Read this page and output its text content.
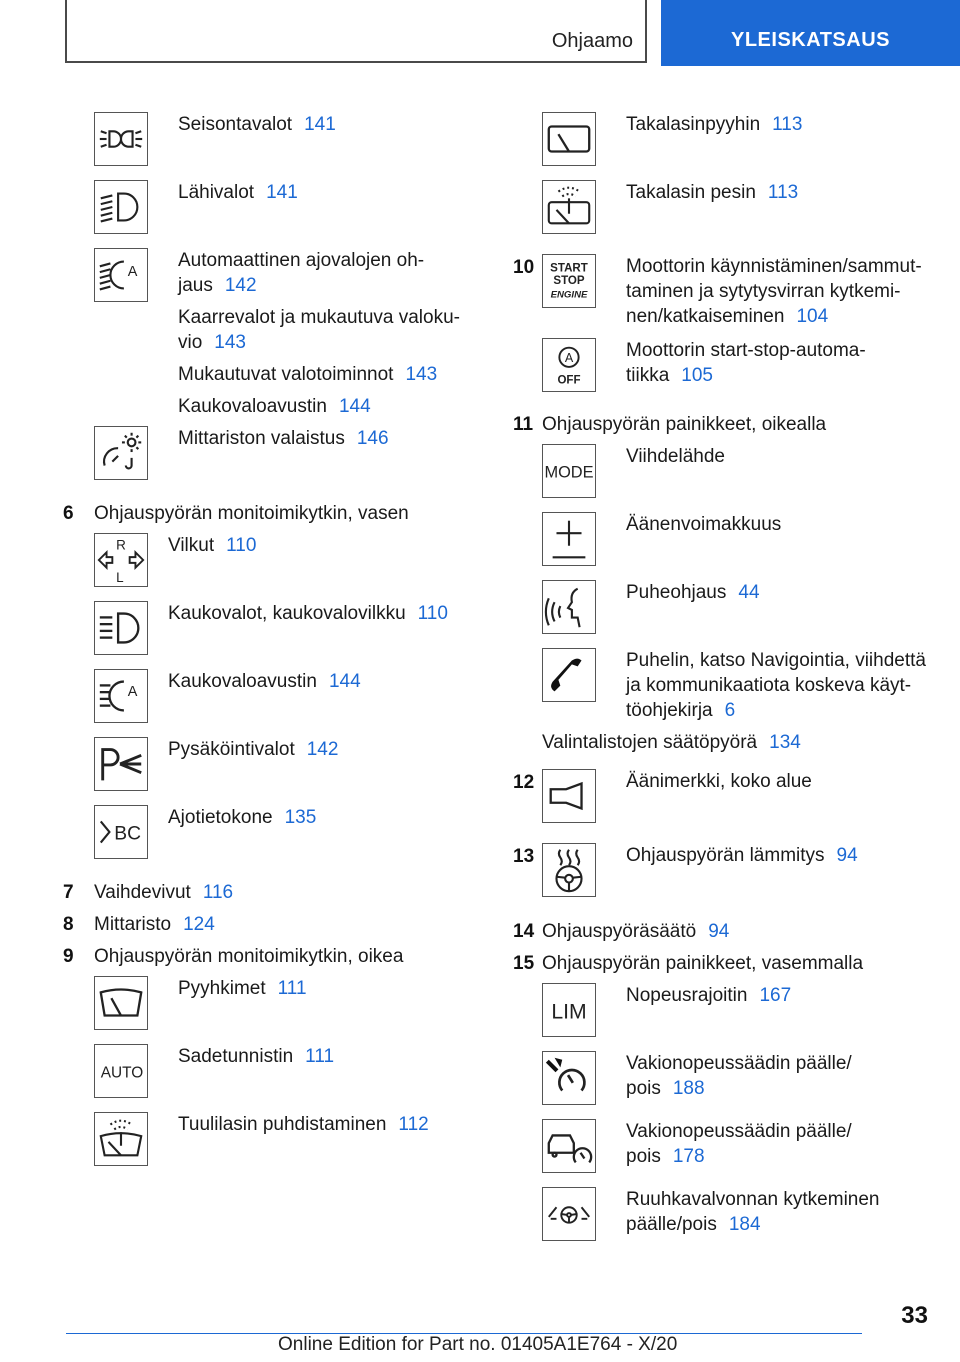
Ohjaamo	YLEISKATSAUS
Seisontavalot 141
Lähivalot 141
A
Automaattinen ajovalojen oh-
jaus 142
Kaarrevalot ja mukautuva valoku-
vio 143
Mukautuvat valotoiminnot 143
Kaukovaloavustin 144
Mittariston valaistus 146
6 Ohjauspyörän monitoimikytkin, vasen
R
L
Vilkut 110
Kaukovalot, kaukovalovilkku 110
A Kaukovaloavustin 144
Pysäköintivalot 142
BC
Ajotietokone 135
7 Vaihdevivut 116
8 Mittaristo 124
9 Ohjauspyörän monitoimikytkin, oikea
Pyyhkimet 111
AUTO
Sadetunnistin 111
Tuulilasin puhdistaminen 112
Takalasinpyyhin 113
Takalasin pesin 113
10 START
STOP
ENGINE
Moottorin käynnistäminen/sammut-
taminen ja sytytysvirran kytkemi-
nen/katkaiseminen 104
A
OFF
Moottorin start-stop-automa-
tiikka 105
11 Ohjauspyörän painikkeet, oikealla
MODE
Viihdelähde
Äänenvoimakkuus
Puheohjaus 44
Puhelin, katso Navigointia, viihdettä
ja kommunikaatiota koskeva käyt-
töohjekirja 6
Valintalistojen säätöpyörä 134
12	Äänimerkki, koko alue
13	Ohjauspyörän lämmitys 94
14 Ohjauspyöräsäätö 94
15 Ohjauspyörän painikkeet, vasemmalla
LIM
Nopeusrajoitin 167
Vakionopeussäädin päälle/
pois 188
Vakionopeussäädin päälle/
pois 178
Ruuhkavalvonnan kytkeminen
päälle/pois 184
33
Online Edition for Part no. 01405A1E764 - X/20
